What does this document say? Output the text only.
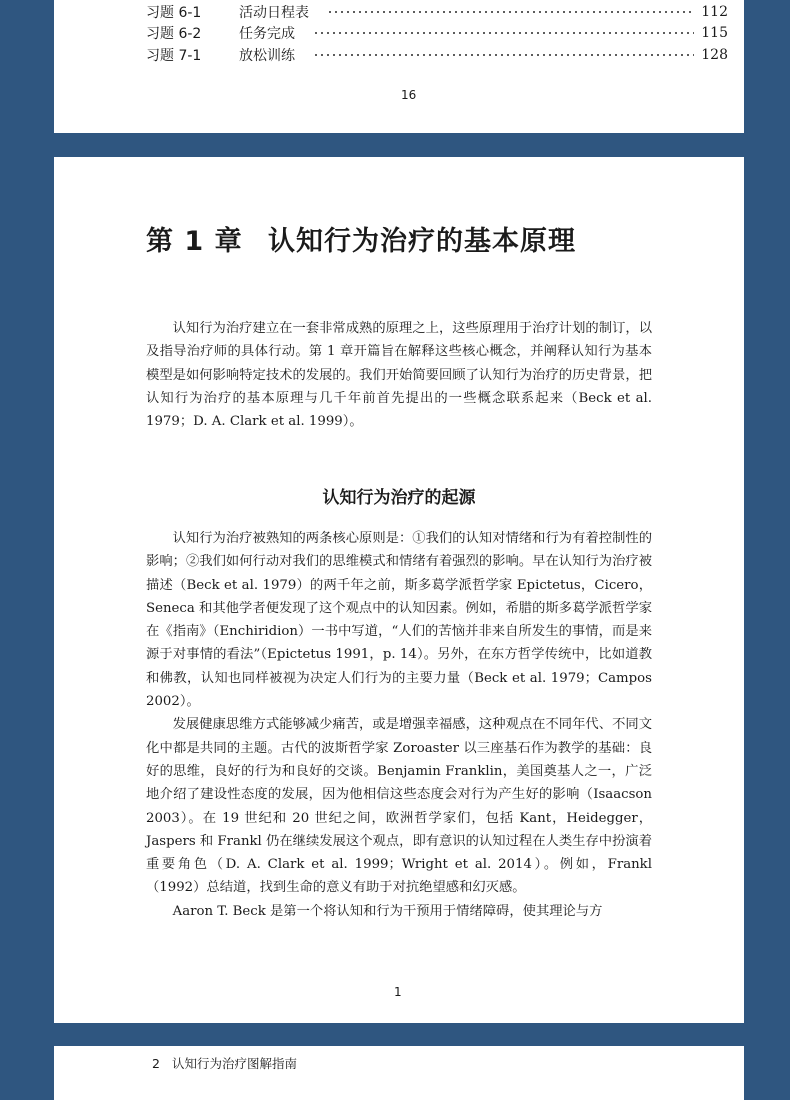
习题 6-1	活动日程表	112
习题 6-2	任务完成	115
习题 7-1	放松训练	128
16
第 1 章 认知行为治疗的基本原理

认知行为治疗建立在一套非常成熟的原理之上，这些原理用于治疗计划的制订，以及指导治疗师的具体行动。第 1 章开篇旨在解释这些核心概念，并阐释认知行为基本模型是如何影响特定技术的发展的。我们开始简要回顾了认知行为治疗的历史背景，把认知行为治疗的基本原理与几千年前首先提出的一些概念联系起来（Beck et al. 1979；D. A. Clark et al. 1999）。

认知行为治疗的起源

认知行为治疗被熟知的两条核心原则是：①我们的认知对情绪和行为有着控制性的影响；②我们如何行动对我们的思维模式和情绪有着强烈的影响。早在认知行为治疗被描述（Beck et al. 1979）的两千年之前，斯多葛学派哲学家 Epictetus，Cicero，Seneca 和其他学者便发现了这个观点中的认知因素。例如，希腊的斯多葛学派哲学家在《指南》（Enchiridion）一书中写道，“人们的苦恼并非来自所发生的事情，而是来源于对事情的看法”（Epictetus 1991，p. 14）。另外，在东方哲学传统中，比如道教和佛教，认知也同样被视为决定人们行为的主要力量（Beck et al. 1979；Campos 2002）。

发展健康思维方式能够减少痛苦，或是增强幸福感，这种观点在不同年代、不同文化中都是共同的主题。古代的波斯哲学家 Zoroaster 以三座基石作为教学的基础：良好的思维，良好的行为和良好的交谈。Benjamin Franklin，美国奠基人之一，广泛地介绍了建设性态度的发展，因为他相信这些态度会对行为产生好的影响（Isaacson 2003）。在 19 世纪和 20 世纪之间，欧洲哲学家们，包括 Kant，Heidegger，Jaspers 和 Frankl 仍在继续发展这个观点，即有意识的认知过程在人类生存中扮演着重要角色（D. A. Clark et al. 1999；Wright et al. 2014）。例如，Frankl（1992）总结道，找到生命的意义有助于对抗绝望感和幻灭感。

Aaron T. Beck 是第一个将认知和行为干预用于情绪障碍，使其理论与方

1
2 认知行为治疗图解指南
